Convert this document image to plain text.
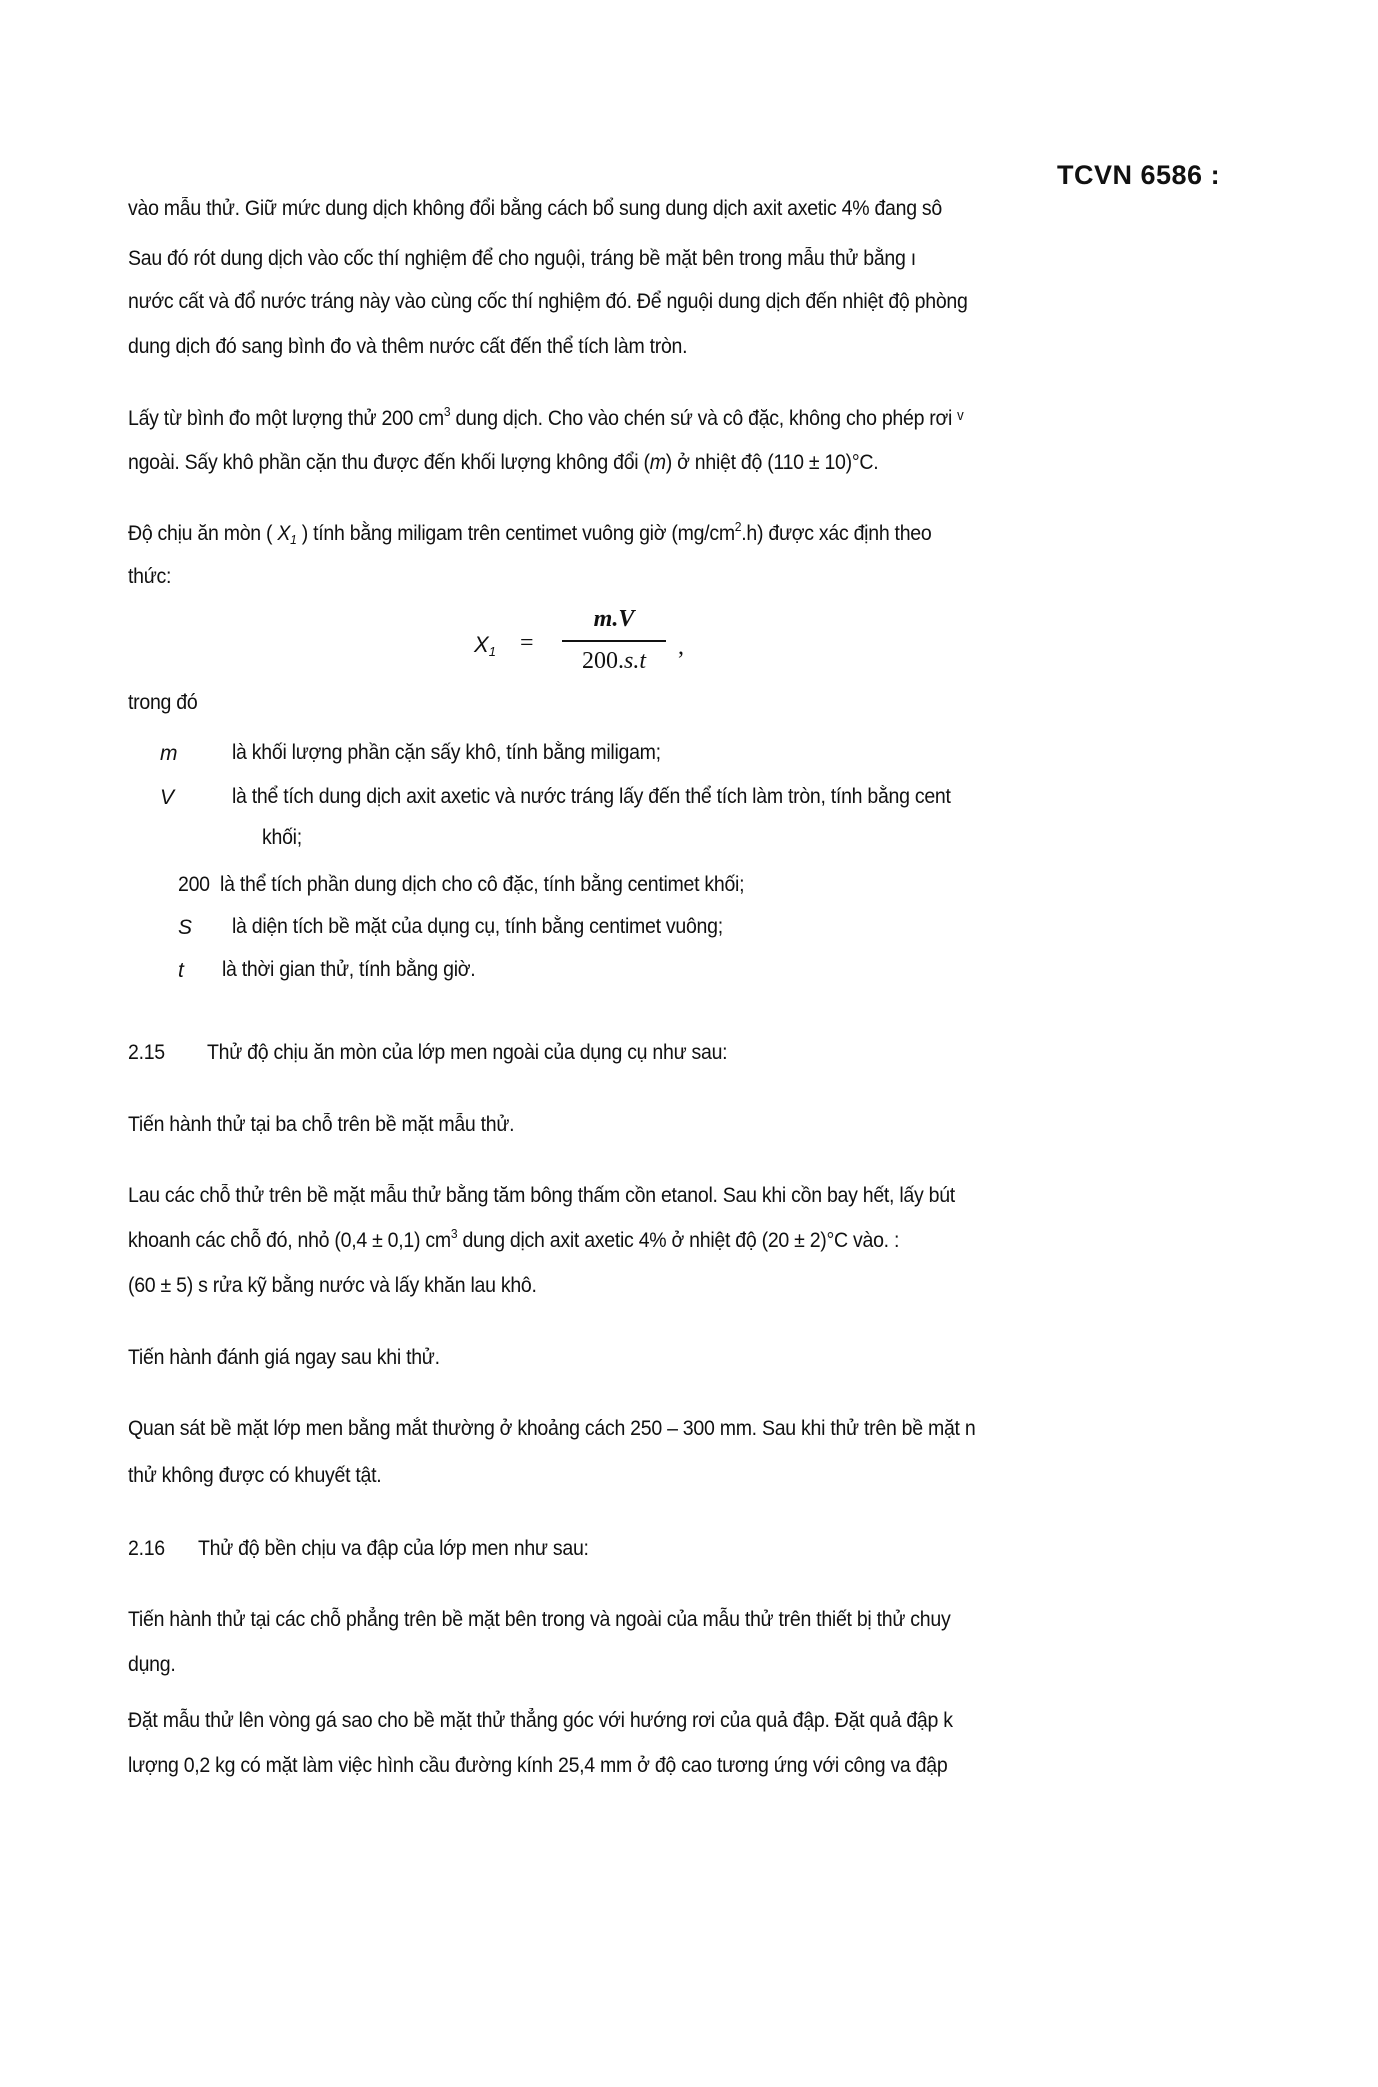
TCVN 6586 :
vào mẫu thử. Giữ mức dung dịch không đổi bằng cách bổ sung dung dịch axit axetic 4% đang sô
Sau đó rót dung dịch vào cốc thí nghiệm để cho nguội, tráng bề mặt bên trong mẫu thử bằng ı
nước cất và đổ nước tráng này vào cùng cốc thí nghiệm đó. Để nguội dung dịch đến nhiệt độ phòng
dung dịch đó sang bình đo và thêm nước cất đến thể tích làm tròn.
Lấy từ bình đo một lượng thử 200 $cm^3$ dung dịch. Cho vào chén sứ và cô đặc, không cho phép rơi ᵛ
ngoài. Sấy khô phần cặn thu được đến khối lượng không đổi (m) ở nhiệt độ (110 ± 10)°C.
Độ chịu ăn mòn ( $X_1$ ) tính bằng miligam trên centimet vuông giờ $(mg/cm^2.h)$ được xác định theo
thức:
$X_1$ =
m.V
200.s.t
,
trong đó
m	là khối lượng phần cặn sấy khô, tính bằng miligam;
V	là thể tích dung dịch axit axetic và nước tráng lấy đến thể tích làm tròn, tính bằng cent
khối;
200 là thể tích phần dung dịch cho cô đặc, tính bằng centimet khối;
S là diện tích bề mặt của dụng cụ, tính bằng centimet vuông;
t là thời gian thử, tính bằng giờ.
2.15 Thử độ chịu ăn mòn của lớp men ngoài của dụng cụ như sau:
Tiến hành thử tại ba chỗ trên bề mặt mẫu thử.
Lau các chỗ thử trên bề mặt mẫu thử bằng tăm bông thấm cồn etanol. Sau khi cồn bay hết, lấy bút
khoanh các chỗ đó, nhỏ (0,4 ± 0,1) $cm^3$ dung dịch axit axetic 4% ở nhiệt độ (20 ± 2)°C vào. :
(60 ± 5) s rửa kỹ bằng nước và lấy khăn lau khô.
Tiến hành đánh giá ngay sau khi thử.
Quan sát bề mặt lớp men bằng mắt thường ở khoảng cách 250 – 300 mm. Sau khi thử trên bề mặt n
thử không được có khuyết tật.
2.16 Thử độ bền chịu va đập của lớp men như sau:
Tiến hành thử tại các chỗ phẳng trên bề mặt bên trong và ngoài của mẫu thử trên thiết bị thử chuy
dụng.
Đặt mẫu thử lên vòng gá sao cho bề mặt thử thẳng góc với hướng rơi của quả đập. Đặt quả đập k
lượng 0,2 kg có mặt làm việc hình cầu đường kính 25,4 mm ở độ cao tương ứng với công va đập
